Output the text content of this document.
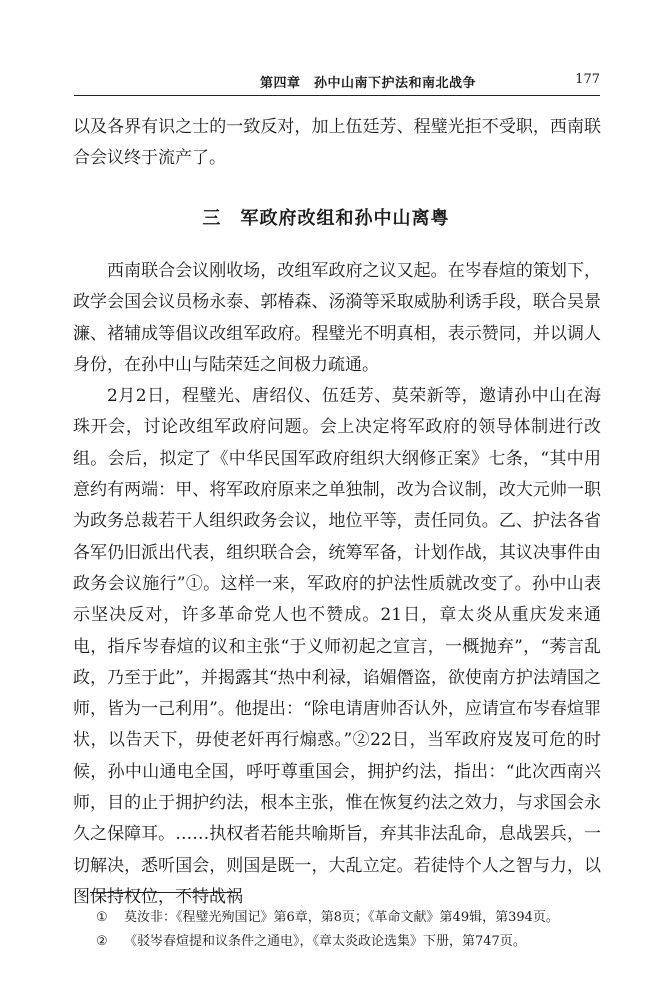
第四章　孙中山南下护法和南北战争	177

以及各界有识之士的一致反对，加上伍廷芳、程璧光拒不受职，西南联合会议终于流产了。

三　军政府改组和孙中山离粤

西南联合会议刚收场，改组军政府之议又起。在岑春煊的策划下，政学会国会议员杨永泰、郭椿森、汤漪等采取威胁利诱手段，联合吴景濂、褚辅成等倡议改组军政府。程璧光不明真相，表示赞同，并以调人身份，在孙中山与陆荣廷之间极力疏通。

2月2日，程璧光、唐绍仪、伍廷芳、莫荣新等，邀请孙中山在海珠开会，讨论改组军政府问题。会上决定将军政府的领导体制进行改组。会后，拟定了《中华民国军政府组织大纲修正案》七条，“其中用意约有两端：甲、将军政府原来之单独制，改为合议制，改大元帅一职为政务总裁若干人组织政务会议，地位平等，责任同负。乙、护法各省各军仍旧派出代表，组织联合会，统筹军备，计划作战，其议决事件由政务会议施行”①。这样一来，军政府的护法性质就改变了。孙中山表示坚决反对，许多革命党人也不赞成。21日，章太炎从重庆发来通电，指斥岑春煊的议和主张“于义师初起之宣言，一概抛弃”，“莠言乱政，乃至于此”，并揭露其“热中利禄，谄媚僭盗，欲使南方护法靖国之师，皆为一己利用”。他提出：“除电请唐帅否认外，应请宣布岑春煊罪状，以告天下，毋使老奸再行煽惑。”②22日，当军政府岌岌可危的时候，孙中山通电全国，呼吁尊重国会，拥护约法，指出：“此次西南兴师，目的止于拥护约法，根本主张，惟在恢复约法之效力，与求国会永久之保障耳。……执权者若能共喻斯旨，弃其非法乱命，息战罢兵，一切解决，悉听国会，则国是既一，大乱立定。若徒恃个人之智与力，以图保持权位，不特战祸

① 莫汝非：《程璧光殉国记》第6章，第8页；《革命文献》第49辑，第394页。
② 《驳岑春煊提和议条件之通电》，《章太炎政论选集》下册，第747页。
